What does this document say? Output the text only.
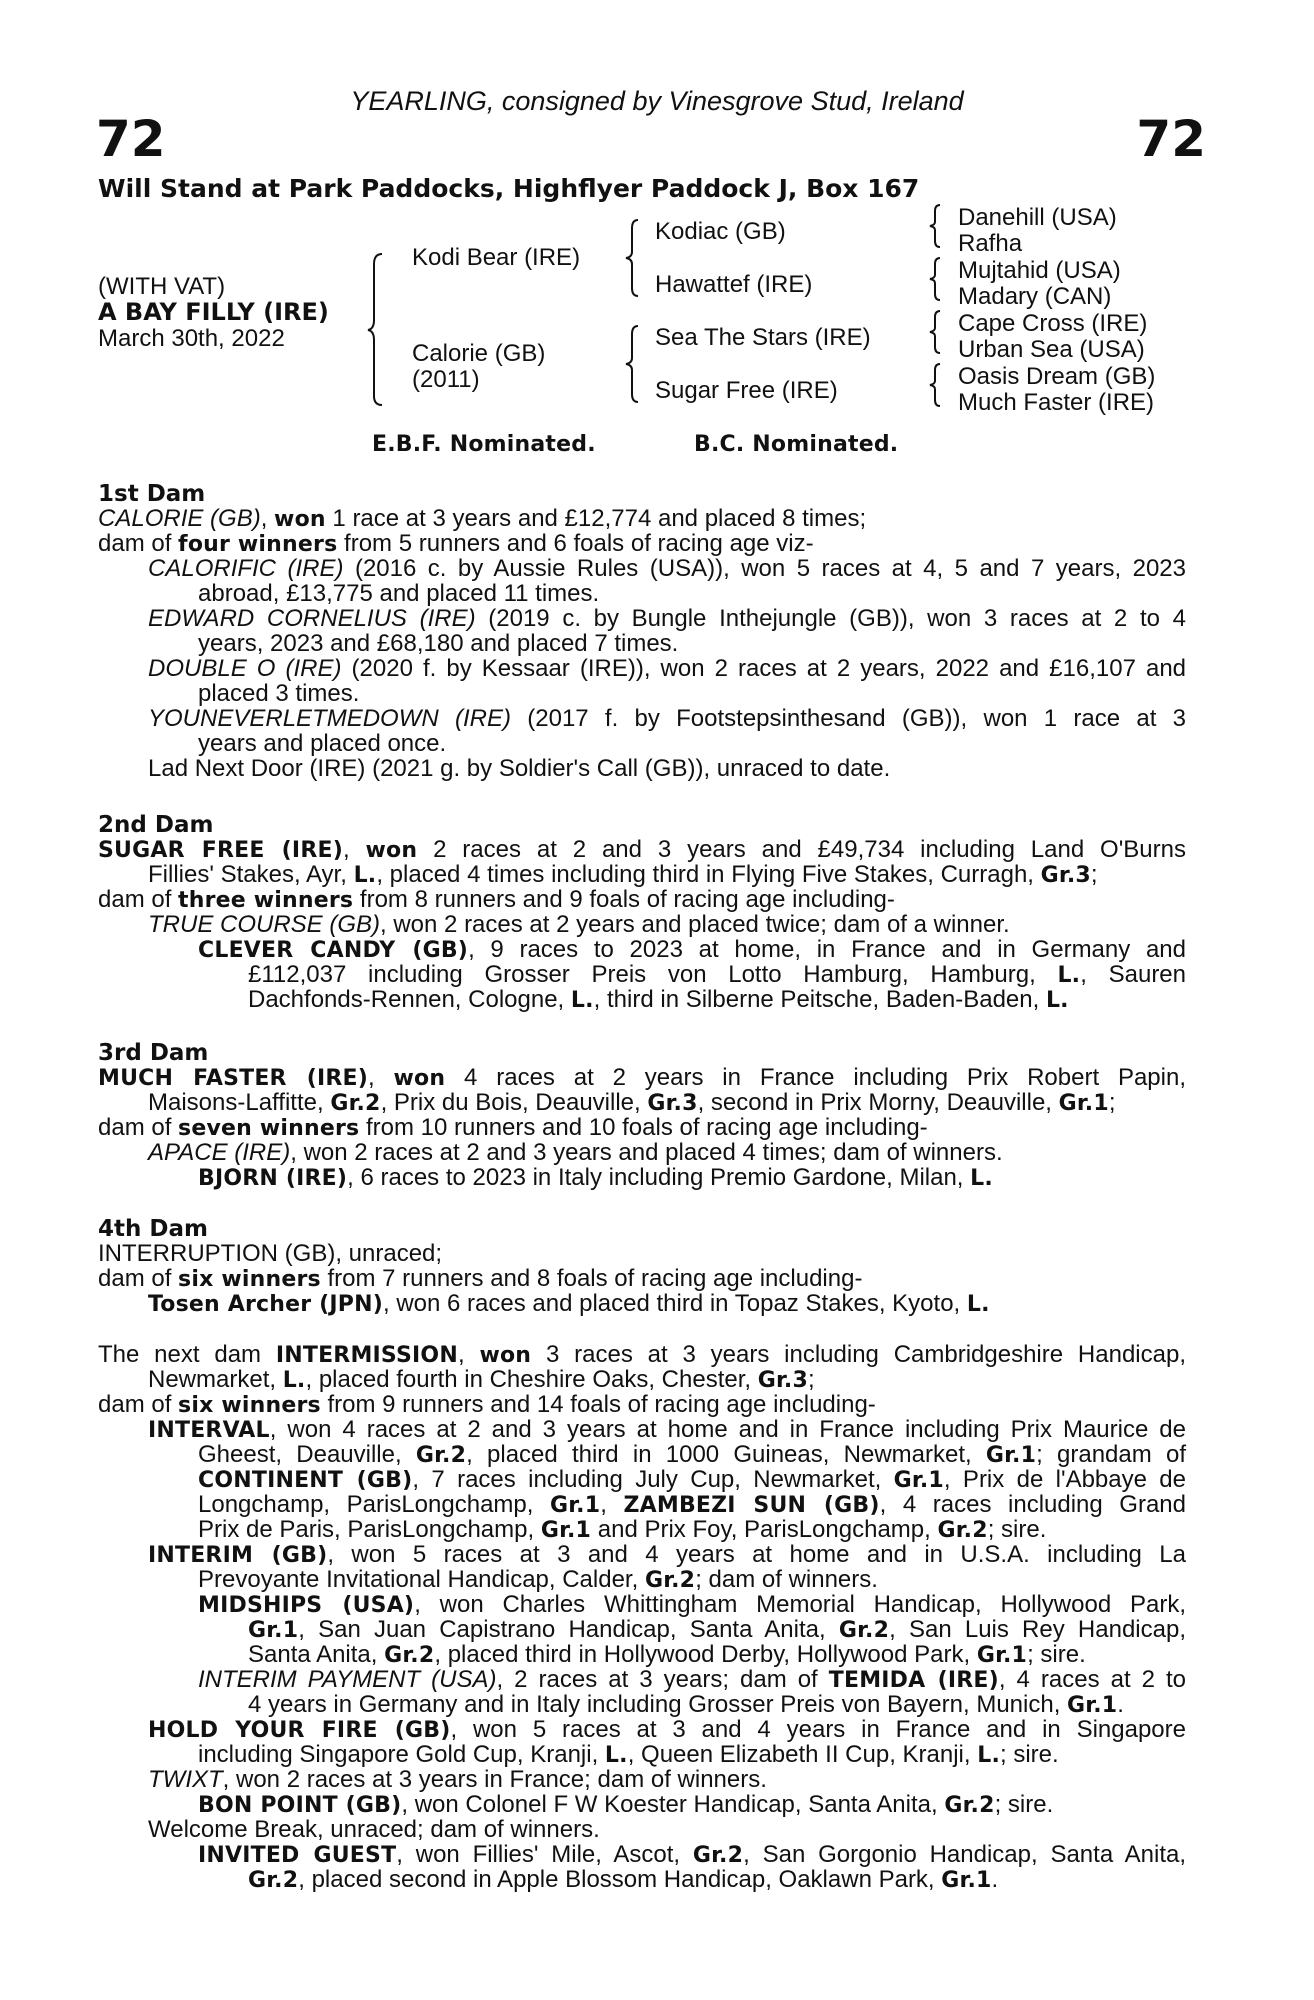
YEARLING, consigned by Vinesgrove Stud, Ireland
72	72
Will Stand at Park Paddocks, Highflyer Paddock J, Box 167
(WITH VAT)
A BAY FILLY (IRE)
March 30th, 2022
Kodi Bear (IRE)
Calorie (GB)
(2011)
Kodiac (GB)
Hawattef (IRE)
Sea The Stars (IRE)
Sugar Free (IRE)
Danehill (USA)
Rafha
Mujtahid (USA)
Madary (CAN)
Cape Cross (IRE)
Urban Sea (USA)
Oasis Dream (GB)
Much Faster (IRE)
E.B.F. Nominated.	B.C. Nominated.
1st Dam
CALORIE (GB), won 1 race at 3 years and £12,774 and placed 8 times;
dam of four winners from 5 runners and 6 foals of racing age viz-
CALORIFIC (IRE) (2016 c. by Aussie Rules (USA)), won 5 races at 4, 5 and 7 years, 2023
abroad, £13,775 and placed 11 times.
EDWARD CORNELIUS (IRE) (2019 c. by Bungle Inthejungle (GB)), won 3 races at 2 to 4
years, 2023 and £68,180 and placed 7 times.
DOUBLE O (IRE) (2020 f. by Kessaar (IRE)), won 2 races at 2 years, 2022 and £16,107 and
placed 3 times.
YOUNEVERLETMEDOWN (IRE) (2017 f. by Footstepsinthesand (GB)), won 1 race at 3
years and placed once.
Lad Next Door (IRE) (2021 g. by Soldier's Call (GB)), unraced to date.
2nd Dam
SUGAR FREE (IRE), won 2 races at 2 and 3 years and £49,734 including Land O'Burns
Fillies' Stakes, Ayr, L., placed 4 times including third in Flying Five Stakes, Curragh, Gr.3;
dam of three winners from 8 runners and 9 foals of racing age including-
TRUE COURSE (GB), won 2 races at 2 years and placed twice; dam of a winner.
CLEVER CANDY (GB), 9 races to 2023 at home, in France and in Germany and
£112,037 including Grosser Preis von Lotto Hamburg, Hamburg, L., Sauren
Dachfonds-Rennen, Cologne, L., third in Silberne Peitsche, Baden-Baden, L.
3rd Dam
MUCH FASTER (IRE), won 4 races at 2 years in France including Prix Robert Papin,
Maisons-Laffitte, Gr.2, Prix du Bois, Deauville, Gr.3, second in Prix Morny, Deauville, Gr.1;
dam of seven winners from 10 runners and 10 foals of racing age including-
APACE (IRE), won 2 races at 2 and 3 years and placed 4 times; dam of winners.
BJORN (IRE), 6 races to 2023 in Italy including Premio Gardone, Milan, L.
4th Dam
INTERRUPTION (GB), unraced;
dam of six winners from 7 runners and 8 foals of racing age including-
Tosen Archer (JPN), won 6 races and placed third in Topaz Stakes, Kyoto, L.
The next dam INTERMISSION, won 3 races at 3 years including Cambridgeshire Handicap,
Newmarket, L., placed fourth in Cheshire Oaks, Chester, Gr.3;
dam of six winners from 9 runners and 14 foals of racing age including-
INTERVAL, won 4 races at 2 and 3 years at home and in France including Prix Maurice de
Gheest, Deauville, Gr.2, placed third in 1000 Guineas, Newmarket, Gr.1; grandam of
CONTINENT (GB), 7 races including July Cup, Newmarket, Gr.1, Prix de l'Abbaye de
Longchamp, ParisLongchamp, Gr.1, ZAMBEZI SUN (GB), 4 races including Grand
Prix de Paris, ParisLongchamp, Gr.1 and Prix Foy, ParisLongchamp, Gr.2; sire.
INTERIM (GB), won 5 races at 3 and 4 years at home and in U.S.A. including La
Prevoyante Invitational Handicap, Calder, Gr.2; dam of winners.
MIDSHIPS (USA), won Charles Whittingham Memorial Handicap, Hollywood Park,
Gr.1, San Juan Capistrano Handicap, Santa Anita, Gr.2, San Luis Rey Handicap,
Santa Anita, Gr.2, placed third in Hollywood Derby, Hollywood Park, Gr.1; sire.
INTERIM PAYMENT (USA), 2 races at 3 years; dam of TEMIDA (IRE), 4 races at 2 to
4 years in Germany and in Italy including Grosser Preis von Bayern, Munich, Gr.1.
HOLD YOUR FIRE (GB), won 5 races at 3 and 4 years in France and in Singapore
including Singapore Gold Cup, Kranji, L., Queen Elizabeth II Cup, Kranji, L.; sire.
TWIXT, won 2 races at 3 years in France; dam of winners.
BON POINT (GB), won Colonel F W Koester Handicap, Santa Anita, Gr.2; sire.
Welcome Break, unraced; dam of winners.
INVITED GUEST, won Fillies' Mile, Ascot, Gr.2, San Gorgonio Handicap, Santa Anita,
Gr.2, placed second in Apple Blossom Handicap, Oaklawn Park, Gr.1.
